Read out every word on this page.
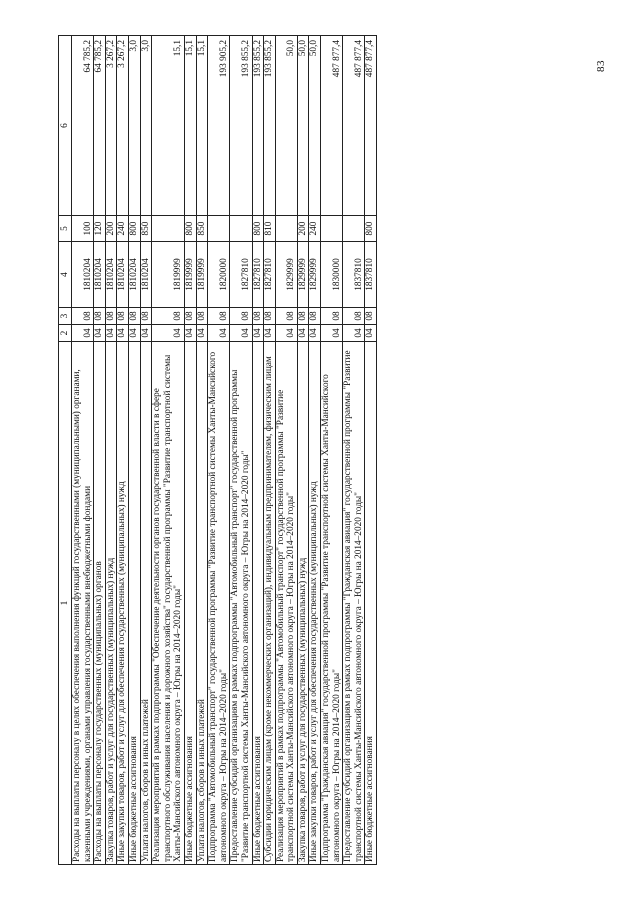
83
1	2	3	4	5	6
Расходы на выплаты персоналу в целях обеспечения выполнения функций государственными (муниципальными) органами, казенными учреждениями, органами управления государственными внебюджетными фондами	04	08	1810204	100	64 785,2
Расходы на выплаты персоналу государственных (муниципальных) органов	04	08	1810204	120	64 785,2
Закупка товаров, работ и услуг для государственных (муниципальных) нужд	04	08	1810204	200	3 267,2
Иные закупки товаров, работ и услуг для обеспечения государственных (муниципальных) нужд	04	08	1810204	240	3 267,2
Иные бюджетные ассигнования	04	08	1810204	800	3,0
Уплата налогов, сборов и иных платежей	04	08	1810204	850	3,0
Реализация мероприятий в рамках подпрограммы "Обеспечение деятельности органов государственной власти в сфере транспортного обслуживания населения и дорожного хозяйства" государственной программы "Развитие транспортной системы Ханты-Мансийского автономного округа – Югры на 2014–2020 годы"	04	08	1819999		15,1
Иные бюджетные ассигнования	04	08	1819999	800	15,1
Уплата налогов, сборов и иных платежей	04	08	1819999	850	15,1
Подпрограмма "Автомобильный транспорт" государственной программы "Развитие транспортной системы Ханты-Мансийского автономного округа – Югры на 2014–2020 годы"	04	08	1820000		193 905,2
Предоставление субсидий организациям в рамках подпрограммы "Автомобильный транспорт" государственной программы "Развитие транспортной системы Ханты-Мансийского автономного округа – Югры на 2014–2020 годы"	04	08	1827810		193 855,2
Иные бюджетные ассигнования	04	08	1827810	800	193 855,2
Субсидии юридическим лицам (кроме некоммерческих организаций), индивидуальным предпринимателям, физическим лицам	04	08	1827810	810	193 855,2
Реализация мероприятий в рамках подпрограммы "Автомобильный транспорт" государственной программы "Развитие транспортной системы Ханты-Мансийского автономного округа – Югры на 2014–2020 годы"	04	08	1829999		50,0
Закупка товаров, работ и услуг для государственных (муниципальных) нужд	04	08	1829999	200	50,0
Иные закупки товаров, работ и услуг для обеспечения государственных (муниципальных) нужд	04	08	1829999	240	50,0
Подпрограмма "Гражданская авиация" государственной программы "Развитие транспортной системы Ханты-Мансийского автономного округа – Югры на 2014–2020 годы"	04	08	1830000		487 877,4
Предоставление субсидий организациям в рамках подпрограммы "Гражданская авиация" государственной программы "Развитие транспортной системы Ханты-Мансийского автономного округа – Югры на 2014–2020 годы"	04	08	1837810		487 877,4
Иные бюджетные ассигнования	04	08	1837810	800	487 877,4
